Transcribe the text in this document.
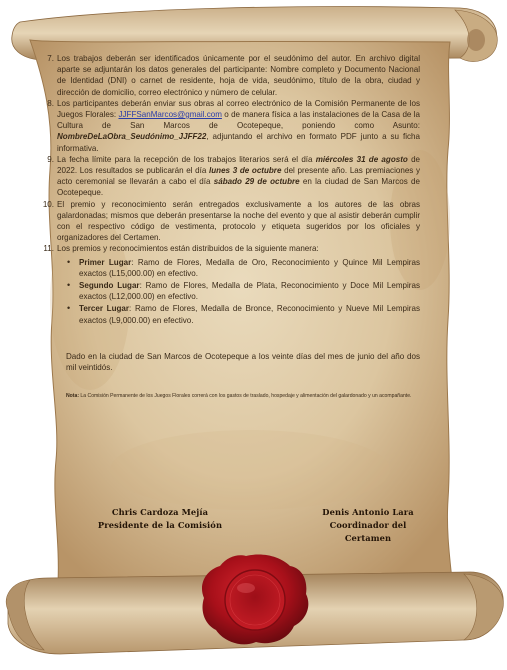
7. Los trabajos deberán ser identificados únicamente por el seudónimo del autor. En archivo digital aparte se adjuntarán los datos generales del participante: Nombre completo y Documento Nacional de Identidad (DNI) o carnet de residente, hoja de vida, seudónimo, título de la obra, ciudad y dirección de domicilio, correo electrónico y número de celular.
8. Los participantes deberán enviar sus obras al correo electrónico de la Comisión Permanente de los Juegos Florales: JJFFSanMarcos@gmail.com o de manera física a las instalaciones de la Casa de la Cultura de San Marcos de Ocotepeque, poniendo como Asunto: NombreDeLaObra_Seudónimo_JJFF22, adjuntando el archivo en formato PDF junto a su ficha informativa.
9. La fecha límite para la recepción de los trabajos literarios será el día miércoles 31 de agosto de 2022. Los resultados se publicarán el día lunes 3 de octubre del presente año. Las premiaciones y acto ceremonial se llevarán a cabo el día sábado 29 de octubre en la ciudad de San Marcos de Ocotepeque.
10. El premio y reconocimiento serán entregados exclusivamente a los autores de las obras galardonadas; mismos que deberán presentarse la noche del evento y que al asistir deberán cumplir con el respectivo código de vestimenta, protocolo y etiqueta sugeridos por los oficiales y organizadores del Certamen.
11. Los premios y reconocimientos están distribuidos de la siguiente manera:
• Primer Lugar: Ramo de Flores, Medalla de Oro, Reconocimiento y Quince Mil Lempiras exactos (L15,000.00) en efectivo.
• Segundo Lugar: Ramo de Flores, Medalla de Plata, Reconocimiento y Doce Mil Lempiras exactos (L12,000.00) en efectivo.
• Tercer Lugar: Ramo de Flores, Medalla de Bronce, Reconocimiento y Nueve Mil Lempiras exactos (L9,000.00) en efectivo.
Dado en la ciudad de San Marcos de Ocotepeque a los veinte días del mes de junio del año dos mil veintidós.
Nota: La Comisión Permanente de los Juegos Florales correrá con los gastos de traslado, hospedaje y alimentación del galardonado y un acompañante.
Chris Cardoza Mejía
Presidente de la Comisión
Denis Antonio Lara
Coordinador del Certamen
